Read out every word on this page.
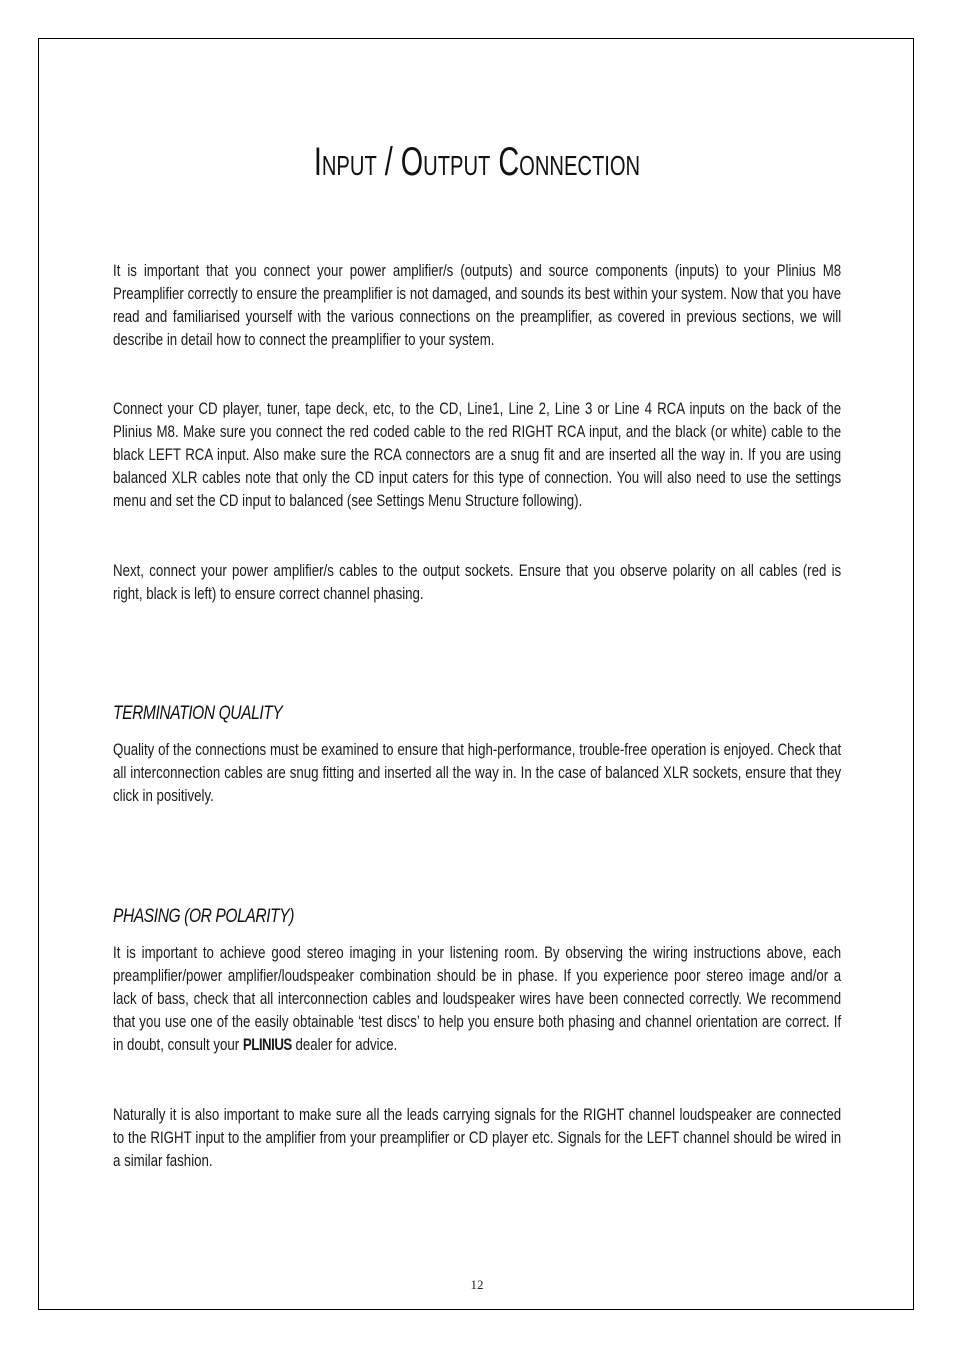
Input / Output Connection

It is important that you connect your power amplifier/s (outputs) and source components (inputs) to your Plinius M8 Preamplifier correctly to ensure the preamplifier is not damaged, and sounds its best within your system. Now that you have read and familiarised yourself with the various connections on the preamplifier, as covered in previous sections, we will describe in detail how to connect the preamplifier to your system.

Connect your CD player, tuner, tape deck, etc, to the CD, Line1, Line 2, Line 3 or Line 4 RCA inputs on the back of the Plinius M8. Make sure you connect the red coded cable to the red RIGHT RCA input, and the black (or white) cable to the black LEFT RCA input. Also make sure the RCA connectors are a snug fit and are inserted all the way in. If you are using balanced XLR cables note that only the CD input caters for this type of connection. You will also need to use the settings menu and set the CD input to balanced (see Settings Menu Structure following).

Next, connect your power amplifier/s cables to the output sockets. Ensure that you observe polarity on all cables (red is right, black is left) to ensure correct channel phasing.

TERMINATION QUALITY

Quality of the connections must be examined to ensure that high-performance, trouble-free operation is enjoyed. Check that all interconnection cables are snug fitting and inserted all the way in. In the case of balanced XLR sockets, ensure that they click in positively.

PHASING (OR POLARITY)

It is important to achieve good stereo imaging in your listening room. By observing the wiring instructions above, each preamplifier/power amplifier/loudspeaker combination should be in phase. If you experience poor stereo image and/or a lack of bass, check that all interconnection cables and loudspeaker wires have been connected correctly. We recommend that you use one of the easily obtainable ‘test discs’ to help you ensure both phasing and channel orientation are correct. If in doubt, consult your PLINIUS dealer for advice.

Naturally it is also important to make sure all the leads carrying signals for the RIGHT channel loudspeaker are connected to the RIGHT input to the amplifier from your preamplifier or CD player etc. Signals for the LEFT channel should be wired in a similar fashion.

12
